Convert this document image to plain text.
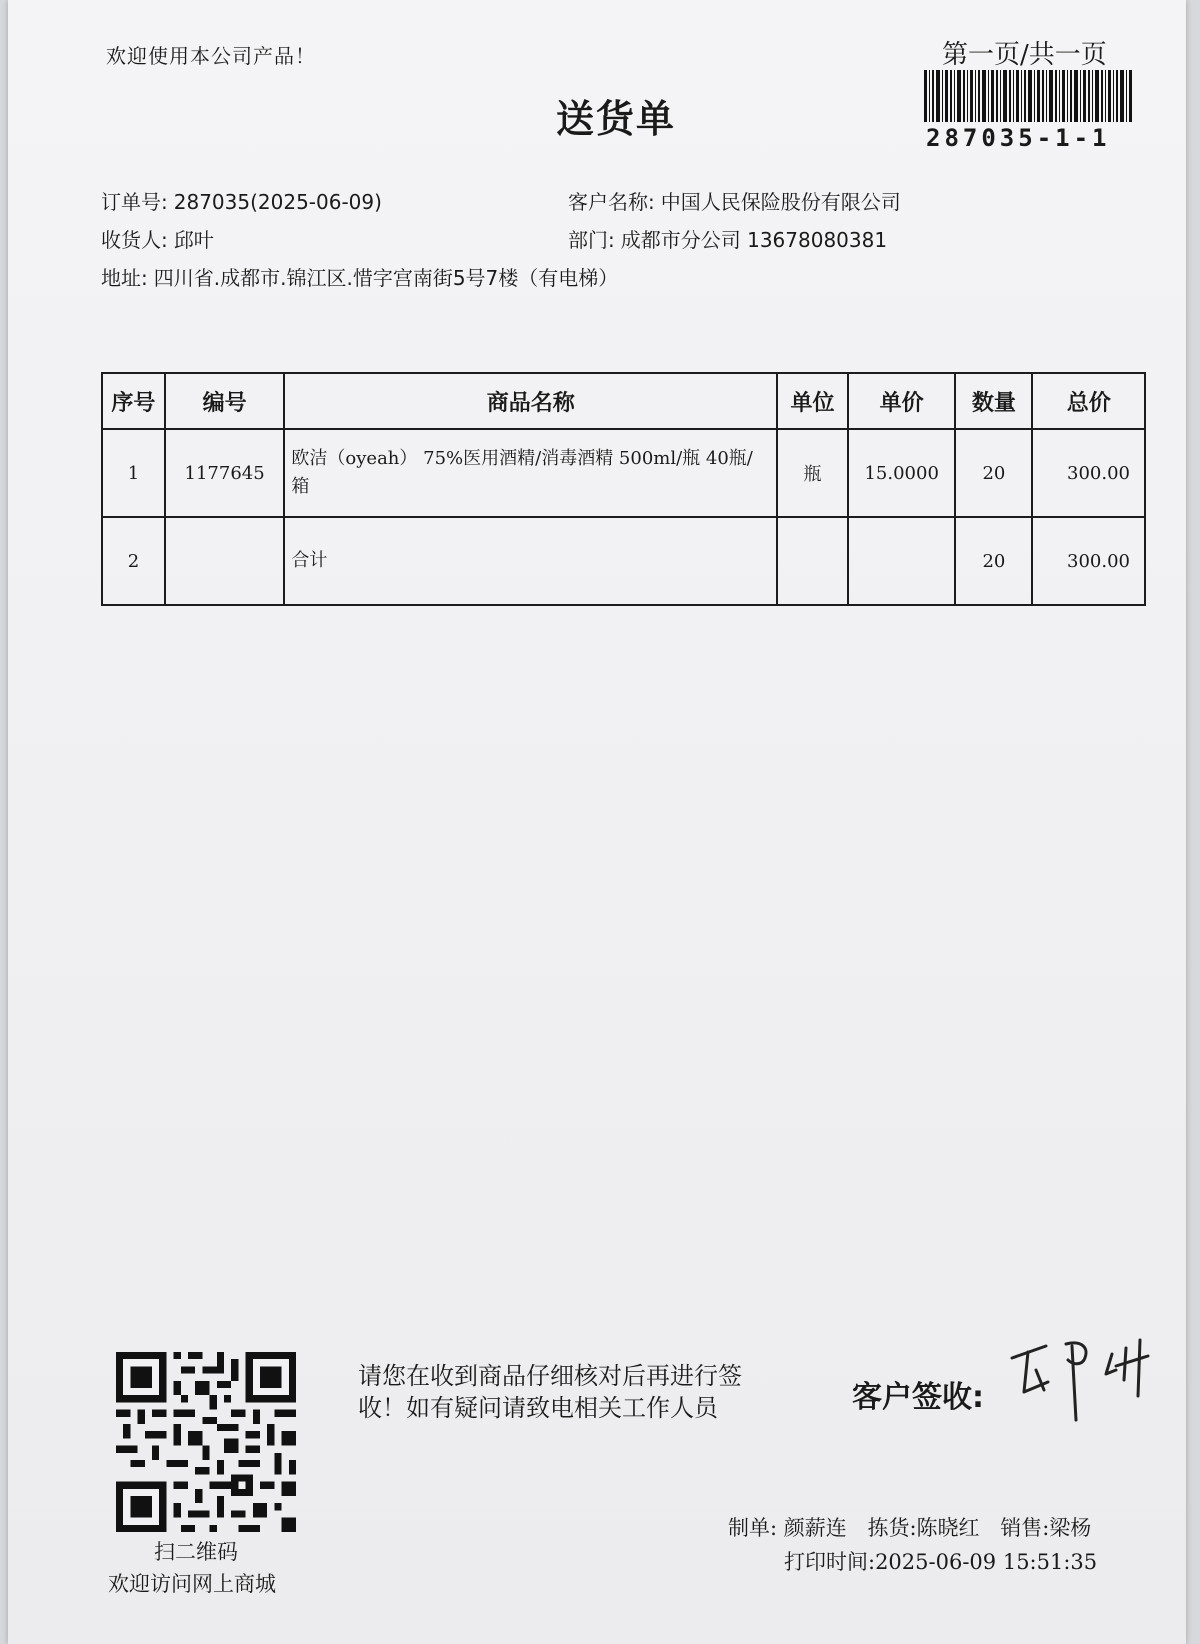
欢迎使用本公司产品！	第一页/共一页
287035-1-1
送货单
订单号: 287035(2025-06-09)	客户名称: 中国人民保险股份有限公司
收货人: 邱叶	部门: 成都市分公司 13678080381
地址: 四川省.成都市.锦江区.惜字宫南街5号7楼（有电梯）
序号	编号	商品名称	单位	单价	数量	总价
1	1177645	欧洁（oyeah） 75%医用酒精/消毒酒精 500ml/瓶 40瓶/箱	瓶	15.0000	20	300.00
2		合计			20	300.00
扫二维码
欢迎访问网上商城
请您在收到商品仔细核对后再进行签收！如有疑问请致电相关工作人员	客户签收:
制单: 颜薪连 拣货:陈晓红 销售:梁杨
打印时间:2025-06-09 15:51:35
